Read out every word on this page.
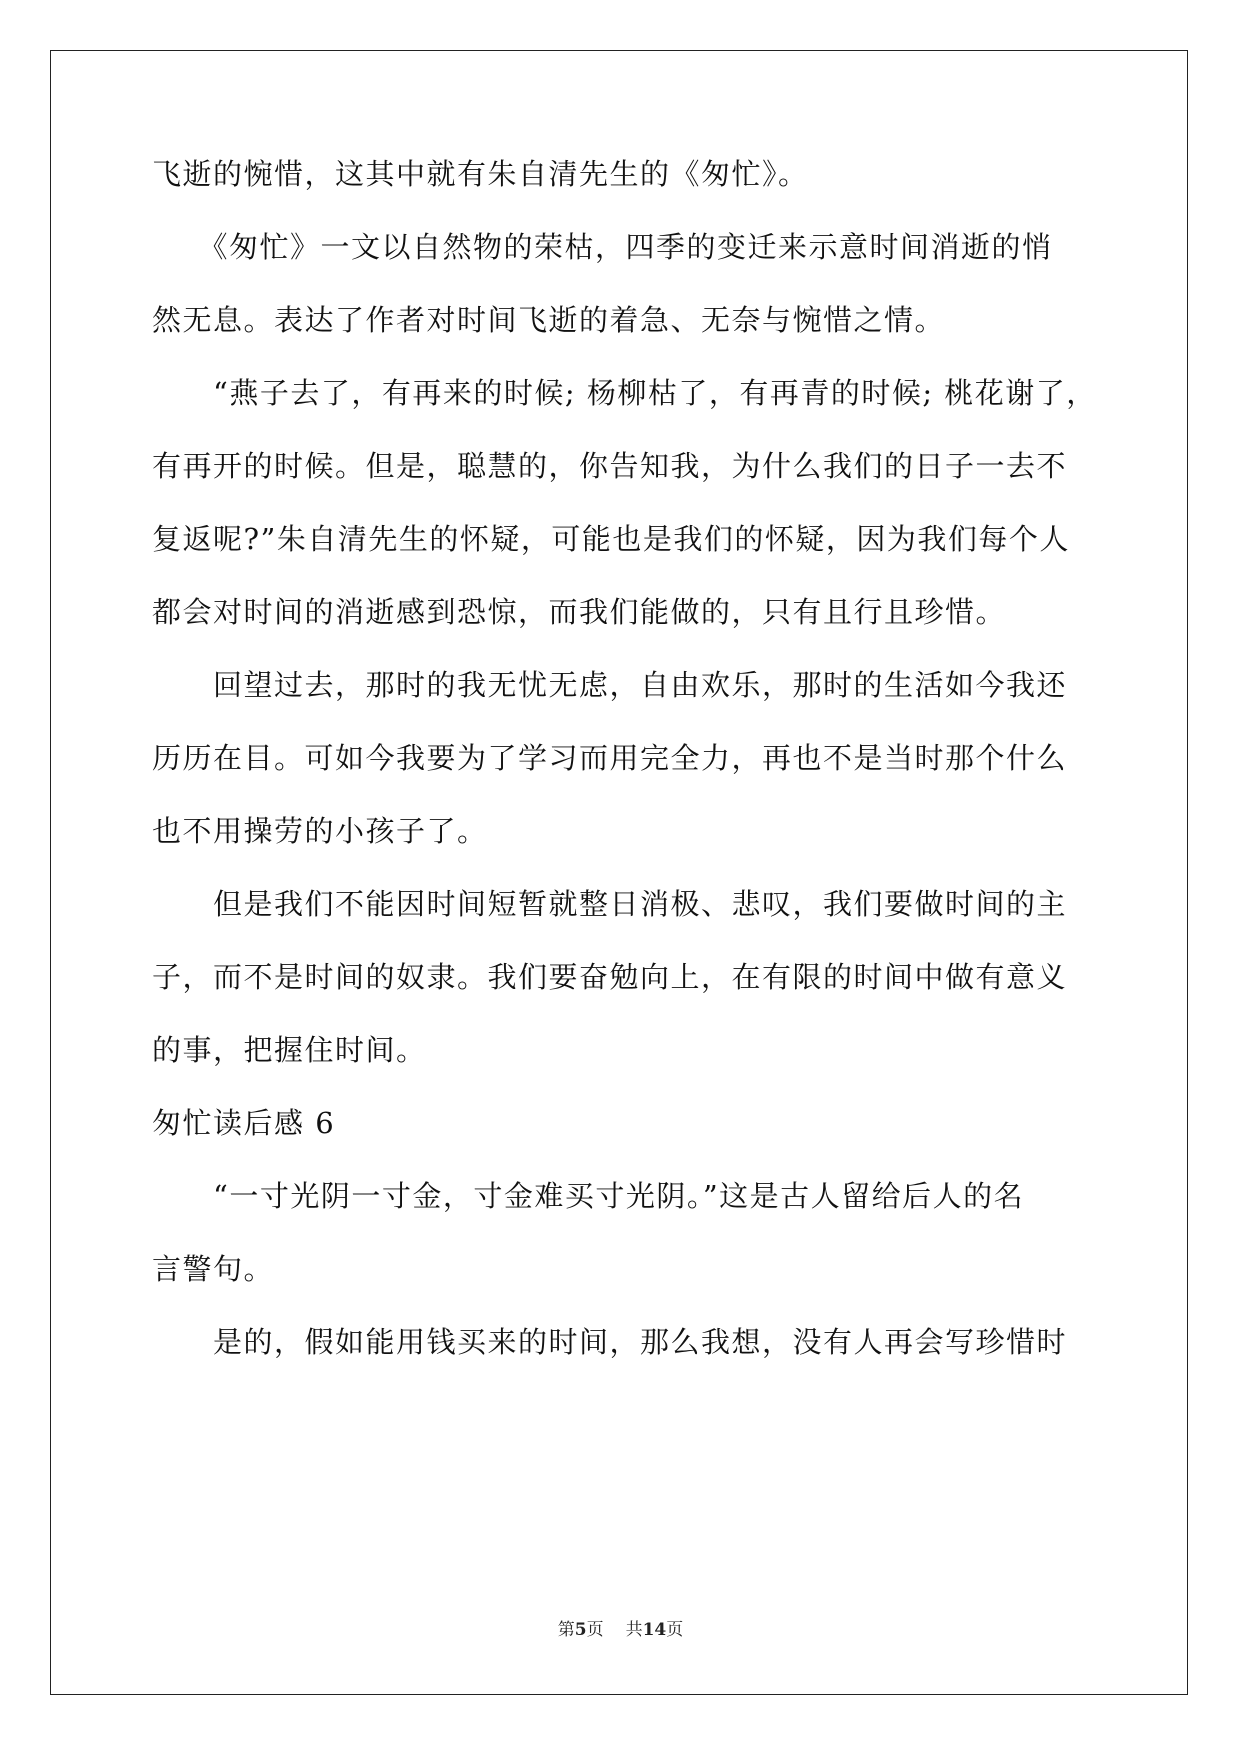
飞逝的惋惜，这其中就有朱自清先生的《匆忙》。
　　《匆忙》一文以自然物的荣枯，四季的变迁来示意时间消逝的悄
然无息。表达了作者对时间飞逝的着急、无奈与惋惜之情。
　　“燕子去了，有再来的时候; 杨柳枯了，有再青的时候; 桃花谢了，
有再开的时候。但是，聪慧的，你告知我，为什么我们的日子一去不
复返呢?”朱自清先生的怀疑，可能也是我们的怀疑，因为我们每个人
都会对时间的消逝感到恐惊，而我们能做的，只有且行且珍惜。
　　回望过去，那时的我无忧无虑，自由欢乐，那时的生活如今我还
历历在目。可如今我要为了学习而用完全力，再也不是当时那个什么
也不用操劳的小孩子了。
　　但是我们不能因时间短暂就整日消极、悲叹，我们要做时间的主
子，而不是时间的奴隶。我们要奋勉向上，在有限的时间中做有意义
的事，把握住时间。
匆忙读后感 6
　　“一寸光阴一寸金，寸金难买寸光阴。”这是古人留给后人的名
言警句。
　　是的，假如能用钱买来的时间，那么我想，没有人再会写珍惜时
第5页 共14页
